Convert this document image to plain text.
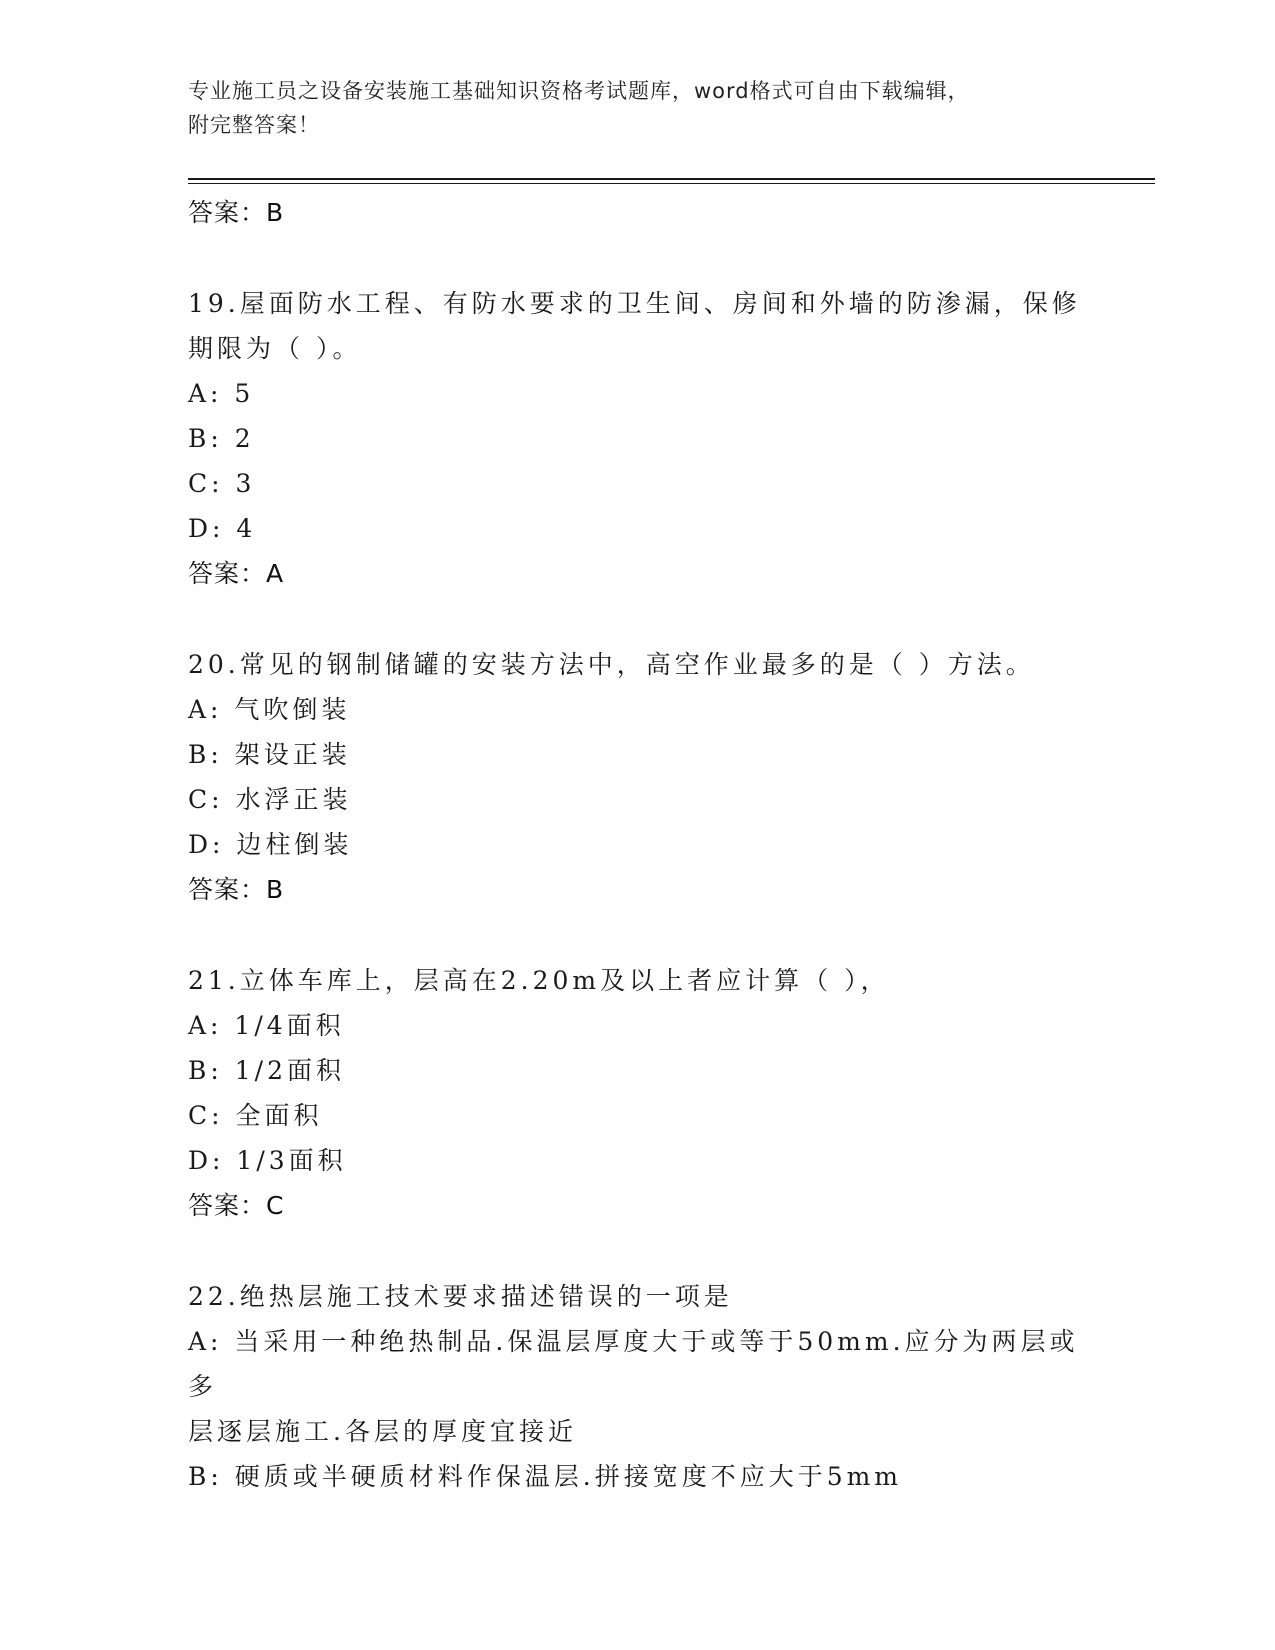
专业施工员之设备安装施工基础知识资格考试题库，word格式可自由下载编辑，
附完整答案！
答案：B
19.屋面防水工程、有防水要求的卫生间、房间和外墙的防渗漏，保修
期限为（ ）。
A: 5
B: 2
C: 3
D: 4
答案：A
20.常见的钢制储罐的安装方法中，高空作业最多的是（ ）方法。
A: 气吹倒装
B: 架设正装
C: 水浮正装
D: 边柱倒装
答案：B
21.立体车库上，层高在2.20m及以上者应计算（ ），
A: 1/4面积
B: 1/2面积
C: 全面积
D: 1/3面积
答案：C
22.绝热层施工技术要求描述错误的一项是
A: 当采用一种绝热制品.保温层厚度大于或等于50mm.应分为两层或多
层逐层施工.各层的厚度宜接近
B: 硬质或半硬质材料作保温层.拼接宽度不应大于5mm
